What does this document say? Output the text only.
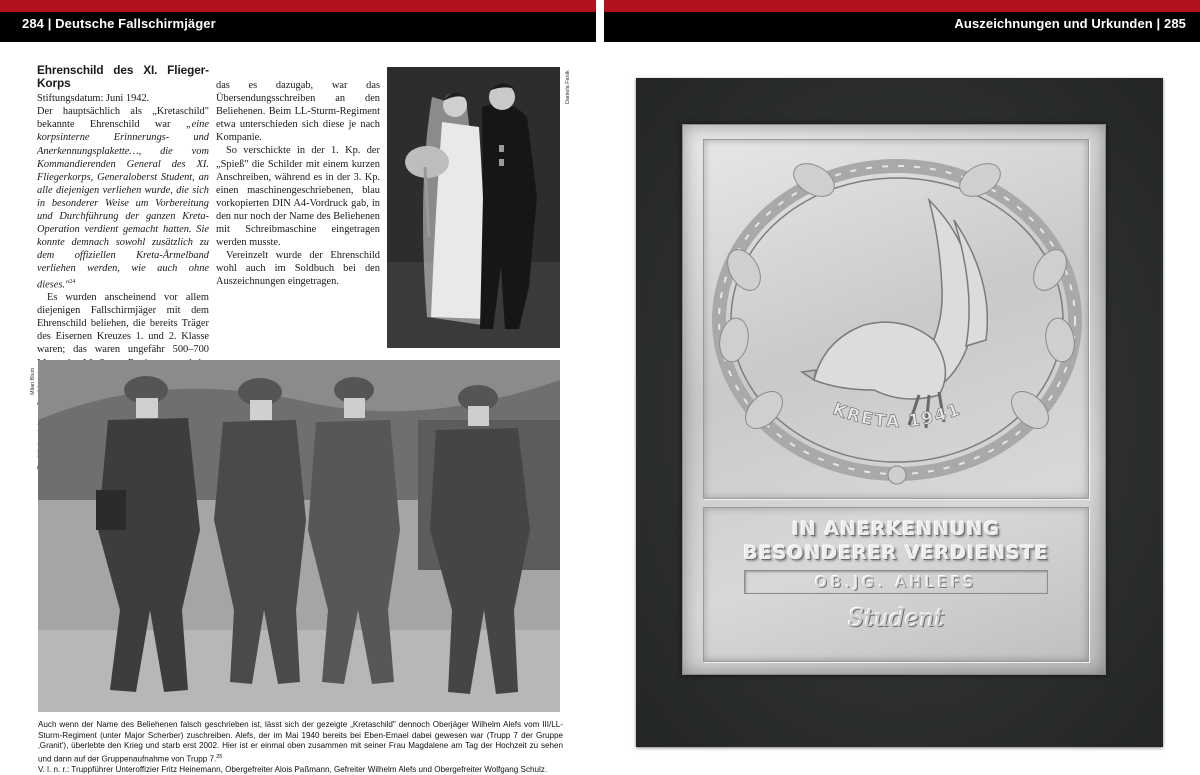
284 | Deutsche Fallschirmjäger	Auszeichnungen und Urkunden | 285
Ehrenschild des XI. Flieger-Korps

Stiftungsdatum: Juni 1942.

Der hauptsächlich als „Kretaschild" bekannte Ehrenschild war „eine korpsinterne Erinnerungs- und Anerkennungsplakette…, die vom Kommandierenden General des XI. Fliegerkorps, Generaloberst Student, an alle diejenigen verliehen wurde, die sich in besonderer Weise um Vorbereitung und Durchführung der ganzen Kreta-Operation verdient gemacht hatten. Sie konnte demnach sowohl zusätzlich zu dem offiziellen Kreta-Ärmelband verliehen werden, wie auch ohne dieses."$^{24}$

Es wurden anscheinend vor allem diejenigen Fallschirmjäger mit dem Ehrenschild beliehen, die bereits Träger des Eisernen Kreuzes 1. und 2. Klasse waren; das waren ungefähr 500–700

das es dazugab, war das Übersendungsschreiben an den Beliehenen. Beim LL-Sturm-Regiment etwa unterschieden sich diese je nach Kompanie.

So verschickte in der 1. Kp. der „Spieß" die Schilder mit einem kurzen Anschreiben, während es in der 3. Kp. einen maschinengeschriebenen, blau vorkopierten DIN A4-Vordruck gab, in den nur noch der Name des Beliehenen mit Schreibmaschine eingetragen werden musste.

Vereinzelt wurde der Ehrenschild wohl auch im Soldbuch bei den Auszeichnungen eingetragen.

Daniela Fanik
Milan Blum
Auch wenn der Name des Beliehenen falsch geschrieben ist, lässt sich der gezeigte „Kretaschild" dennoch Oberjäger Wilhelm Alefs vom III/LL-Sturm-Regiment (unter Major Scherber) zuschreiben. Alefs, der im Mai 1940 bereits bei Eben-Emael dabei gewesen war (Trupp 7 der Gruppe ‚Granit'), überlebte den Krieg und starb erst 2002. Hier ist er einmal oben zusammen mit seiner Frau Magdalene am Tag der Hochzeit zu sehen und dann auf der Gruppenaufnahme von Trupp 7.25
V. l. n. r.: Truppführer Unteroffizier Fritz Heinemann, Obergefreiter Alois Paßmann, Gefreiter Wilhelm Alefs und Obergefreiter Wolfgang Schulz.
KRETA 1941
IN ANERKENNUNG
BESONDERER VERDIENSTE
OB.JG. AHLEFS
Student
